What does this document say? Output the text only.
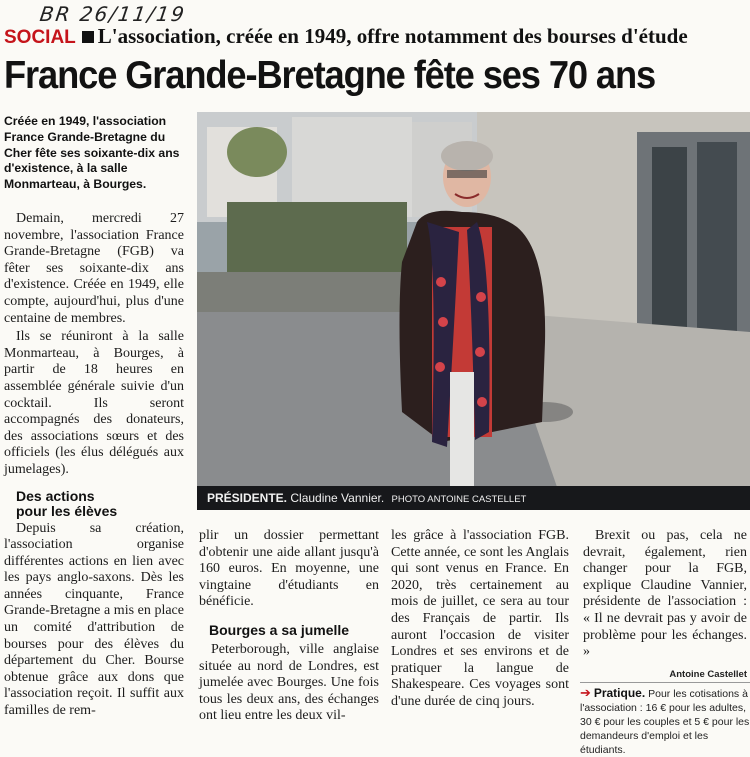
BR 26/11/19
SOCIAL L'association, créée en 1949, offre notamment des bourses d'étude
France Grande-Bretagne fête ses 70 ans
Créée en 1949, l'association France Grande-Bretagne du Cher fête ses soixante-dix ans d'existence, à la salle Monmarteau, à Bourges.

Demain, mercredi 27 novembre, l'association France Grande-Bretagne (FGB) va fêter ses soixante-dix ans d'existence. Créée en 1949, elle compte, aujourd'hui, plus d'une centaine de membres.

Ils se réuniront à la salle Monmarteau, à Bourges, à partir de 18 heures en assemblée générale suivie d'un cocktail. Ils seront accompagnés des donateurs, des associations sœurs et des officiels (les élus délégués aux jumelages).

Des actions pour les élèves

Depuis sa création, l'association organise différentes actions en lien avec les pays anglo-saxons. Dès les années cinquante, France Grande-Bretagne a mis en place un comité d'attribution de bourses pour des élèves du département du Cher. Bourse obtenue grâce aux dons que l'association reçoit. Il suffit aux familles de rem-

PRÉSIDENTE. Claudine Vannier. PHOTO ANTOINE CASTELLET

plir un dossier permettant d'obtenir une aide allant jusqu'à 160 euros. En moyenne, une vingtaine d'étudiants en bénéficie.

Bourges a sa jumelle

Peterborough, ville anglaise située au nord de Londres, est jumelée avec Bourges. Une fois tous les deux ans, des échanges ont lieu entre les deux vil-

les grâce à l'association FGB. Cette année, ce sont les Anglais qui sont venus en France. En 2020, très certainement au mois de juillet, ce sera au tour des Français de partir. Ils auront l'occasion de visiter Londres et ses environs et de pratiquer la langue de Shakespeare. Ces voyages sont d'une durée de cinq jours.

Brexit ou pas, cela ne devrait, également, rien changer pour la FGB, explique Claudine Vannier, présidente de l'association : « Il ne devrait pas y avoir de problème pour les échanges. »

Antoine Castellet
➔ Pratique. Pour les cotisations à l'association : 16 € pour les adultes, 30 € pour les couples et 5 € pour les demandeurs d'emploi et les étudiants.
